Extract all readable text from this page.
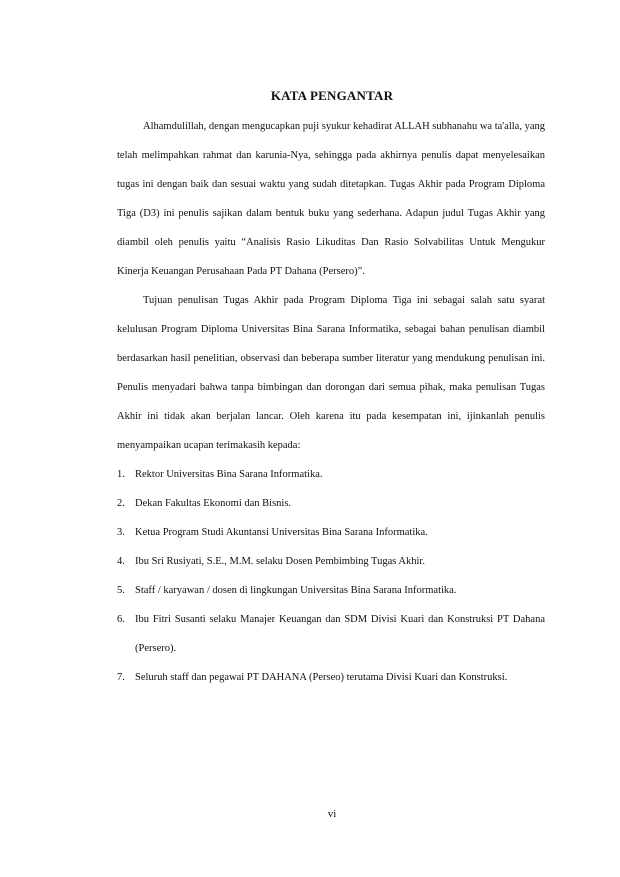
KATA PENGANTAR

Alhamdulillah, dengan mengucapkan puji syukur kehadirat ALLAH subhanahu wa ta'alla, yang telah melimpahkan rahmat dan karunia-Nya, sehingga pada akhirnya penulis dapat menyelesaikan tugas ini dengan baik dan sesuai waktu yang sudah ditetapkan. Tugas Akhir pada Program Diploma Tiga (D3) ini penulis sajikan dalam bentuk buku yang sederhana. Adapun judul Tugas Akhir yang diambil oleh penulis yaitu “Analisis Rasio Likuditas Dan Rasio Solvabilitas Untuk Mengukur Kinerja Keuangan Perusahaan Pada PT Dahana (Persero)”.

Tujuan penulisan Tugas Akhir pada Program Diploma Tiga ini sebagai salah satu syarat kelulusan Program Diploma Universitas Bina Sarana Informatika, sebagai bahan penulisan diambil berdasarkan hasil penelitian, observasi dan beberapa sumber literatur yang mendukung penulisan ini. Penulis menyadari bahwa tanpa bimbingan dan dorongan dari semua pihak, maka penulisan Tugas Akhir ini tidak akan berjalan lancar. Oleh karena itu pada kesempatan ini, ijinkanlah penulis menyampaikan ucapan terimakasih kepada:

1. Rektor Universitas Bina Sarana Informatika.
2. Dekan Fakultas Ekonomi dan Bisnis.
3. Ketua Program Studi Akuntansi Universitas Bina Sarana Informatika.
4. Ibu Sri Rusiyati, S.E., M.M. selaku Dosen Pembimbing Tugas Akhir.
5. Staff / karyawan / dosen di lingkungan Universitas Bina Sarana Informatika.
6. Ibu Fitri Susanti selaku Manajer Keuangan dan SDM Divisi Kuari dan Konstruksi PT Dahana (Persero).
7. Seluruh staff dan pegawai PT DAHANA (Perseo) terutama Divisi Kuari dan Konstruksi.
vi
